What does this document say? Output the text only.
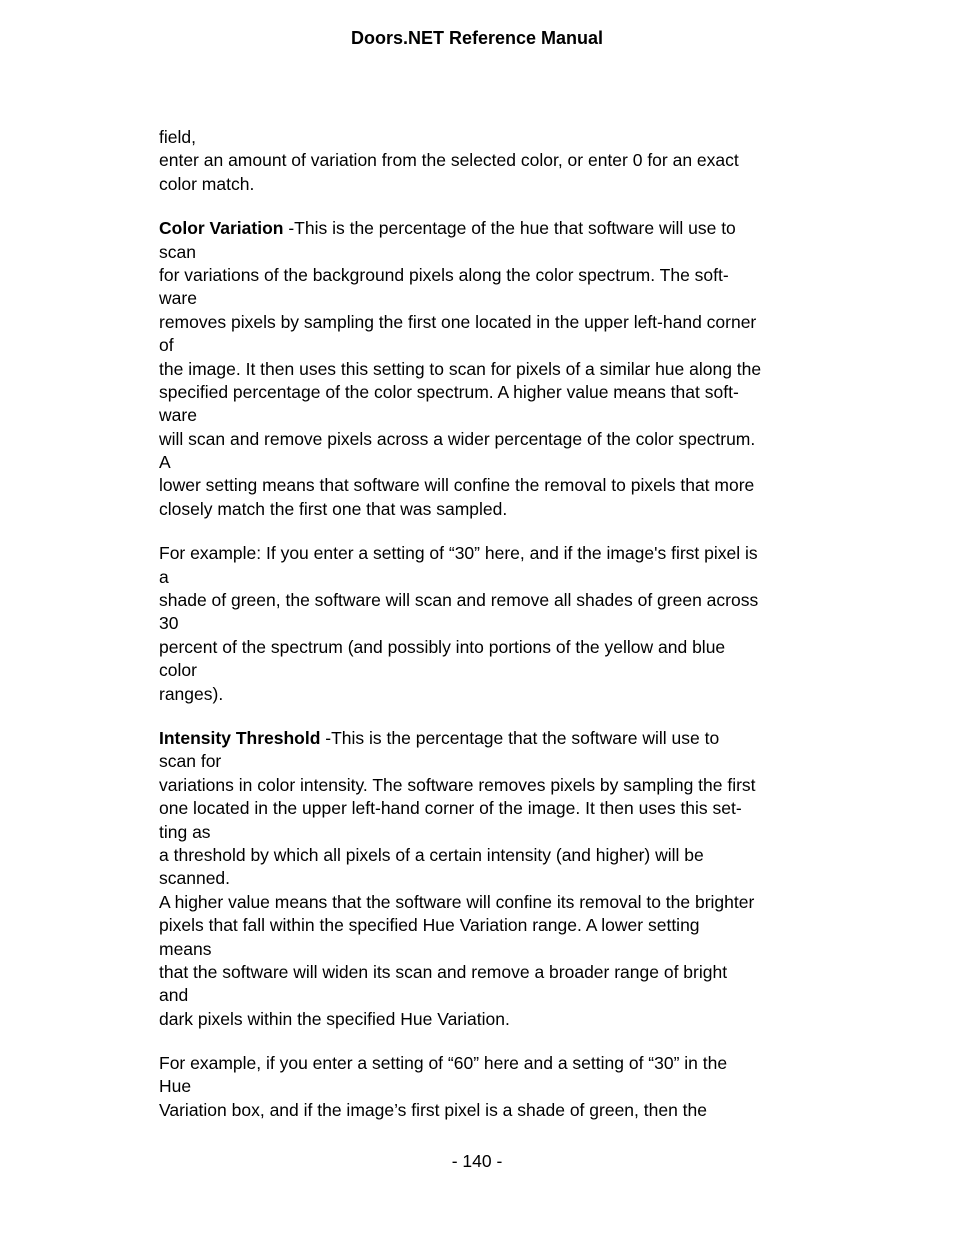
Doors.NET Reference Manual
field,
enter an amount of variation from the selected color, or enter 0 for an exact
color match.
Color Variation -This is the percentage of the hue that software will use to
scan
for variations of the background pixels along the color spectrum. The soft-
ware
removes pixels by sampling the first one located in the upper left-hand corner
of
the image. It then uses this setting to scan for pixels of a similar hue along the
specified percentage of the color spectrum. A higher value means that soft-
ware
will scan and remove pixels across a wider percentage of the color spectrum.
A
lower setting means that software will confine the removal to pixels that more
closely match the first one that was sampled.
For example: If you enter a setting of “30” here, and if the image's first pixel is
a
shade of green, the software will scan and remove all shades of green across
30
percent of the spectrum (and possibly into portions of the yellow and blue
color
ranges).
Intensity Threshold -This is the percentage that the software will use to
scan for
variations in color intensity. The software removes pixels by sampling the first
one located in the upper left-hand corner of the image. It then uses this set-
ting as
a threshold by which all pixels of a certain intensity (and higher) will be
scanned.
A higher value means that the software will confine its removal to the brighter
pixels that fall within the specified Hue Variation range. A lower setting
means
that the software will widen its scan and remove a broader range of bright
and
dark pixels within the specified Hue Variation.
For example, if you enter a setting of “60” here and a setting of “30” in the
Hue
Variation box, and if the image’s first pixel is a shade of green, then the
- 140 -
